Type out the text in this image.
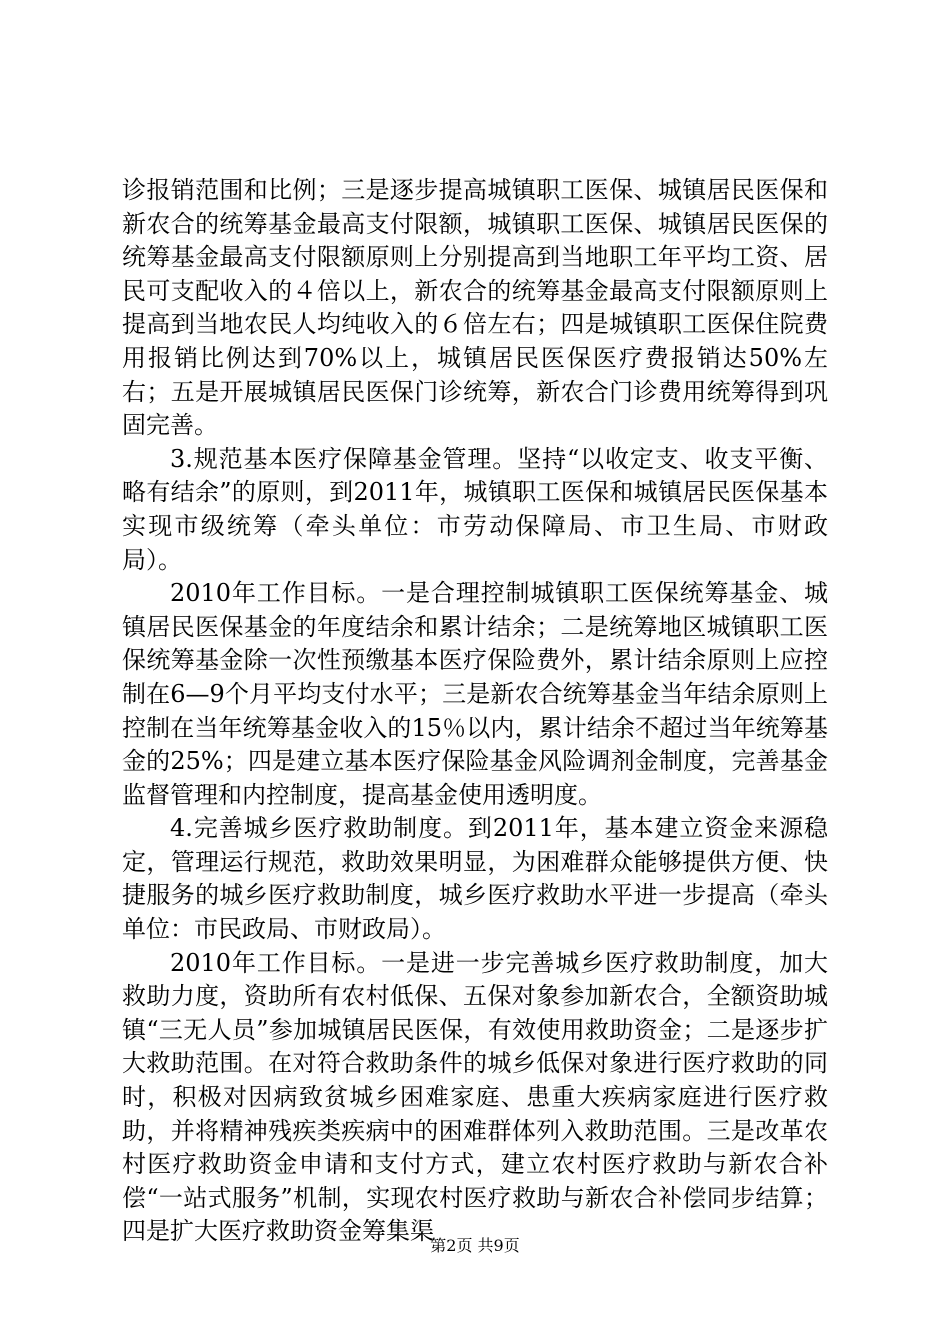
诊报销范围和比例；三是逐步提高城镇职工医保、城镇居民医保和新农合的统筹基金最高支付限额，城镇职工医保、城镇居民医保的统筹基金最高支付限额原则上分别提高到当地职工年平均工资、居民可支配收入的４倍以上，新农合的统筹基金最高支付限额原则上提高到当地农民人均纯收入的６倍左右；四是城镇职工医保住院费用报销比例达到70%以上，城镇居民医保医疗费报销达50%左右；五是开展城镇居民医保门诊统筹，新农合门诊费用统筹得到巩固完善。

3.规范基本医疗保障基金管理。坚持“以收定支、收支平衡、略有结余”的原则，到2011年，城镇职工医保和城镇居民医保基本实现市级统筹（牵头单位：市劳动保障局、市卫生局、市财政局）。

2010年工作目标。一是合理控制城镇职工医保统筹基金、城镇居民医保基金的年度结余和累计结余；二是统筹地区城镇职工医保统筹基金除一次性预缴基本医疗保险费外，累计结余原则上应控制在6—9个月平均支付水平；三是新农合统筹基金当年结余原则上控制在当年统筹基金收入的15％以内，累计结余不超过当年统筹基金的25%；四是建立基本医疗保险基金风险调剂金制度，完善基金监督管理和内控制度，提高基金使用透明度。

4.完善城乡医疗救助制度。到2011年，基本建立资金来源稳定，管理运行规范，救助效果明显，为困难群众能够提供方便、快捷服务的城乡医疗救助制度，城乡医疗救助水平进一步提高（牵头单位：市民政局、市财政局）。

2010年工作目标。一是进一步完善城乡医疗救助制度，加大救助力度，资助所有农村低保、五保对象参加新农合，全额资助城镇“三无人员”参加城镇居民医保，有效使用救助资金；二是逐步扩大救助范围。在对符合救助条件的城乡低保对象进行医疗救助的同时，积极对因病致贫城乡困难家庭、患重大疾病家庭进行医疗救助，并将精神残疾类疾病中的困难群体列入救助范围。三是改革农村医疗救助资金申请和支付方式，建立农村医疗救助与新农合补偿“一站式服务”机制，实现农村医疗救助与新农合补偿同步结算；四是扩大医疗救助资金筹集渠

第2页 共9页
